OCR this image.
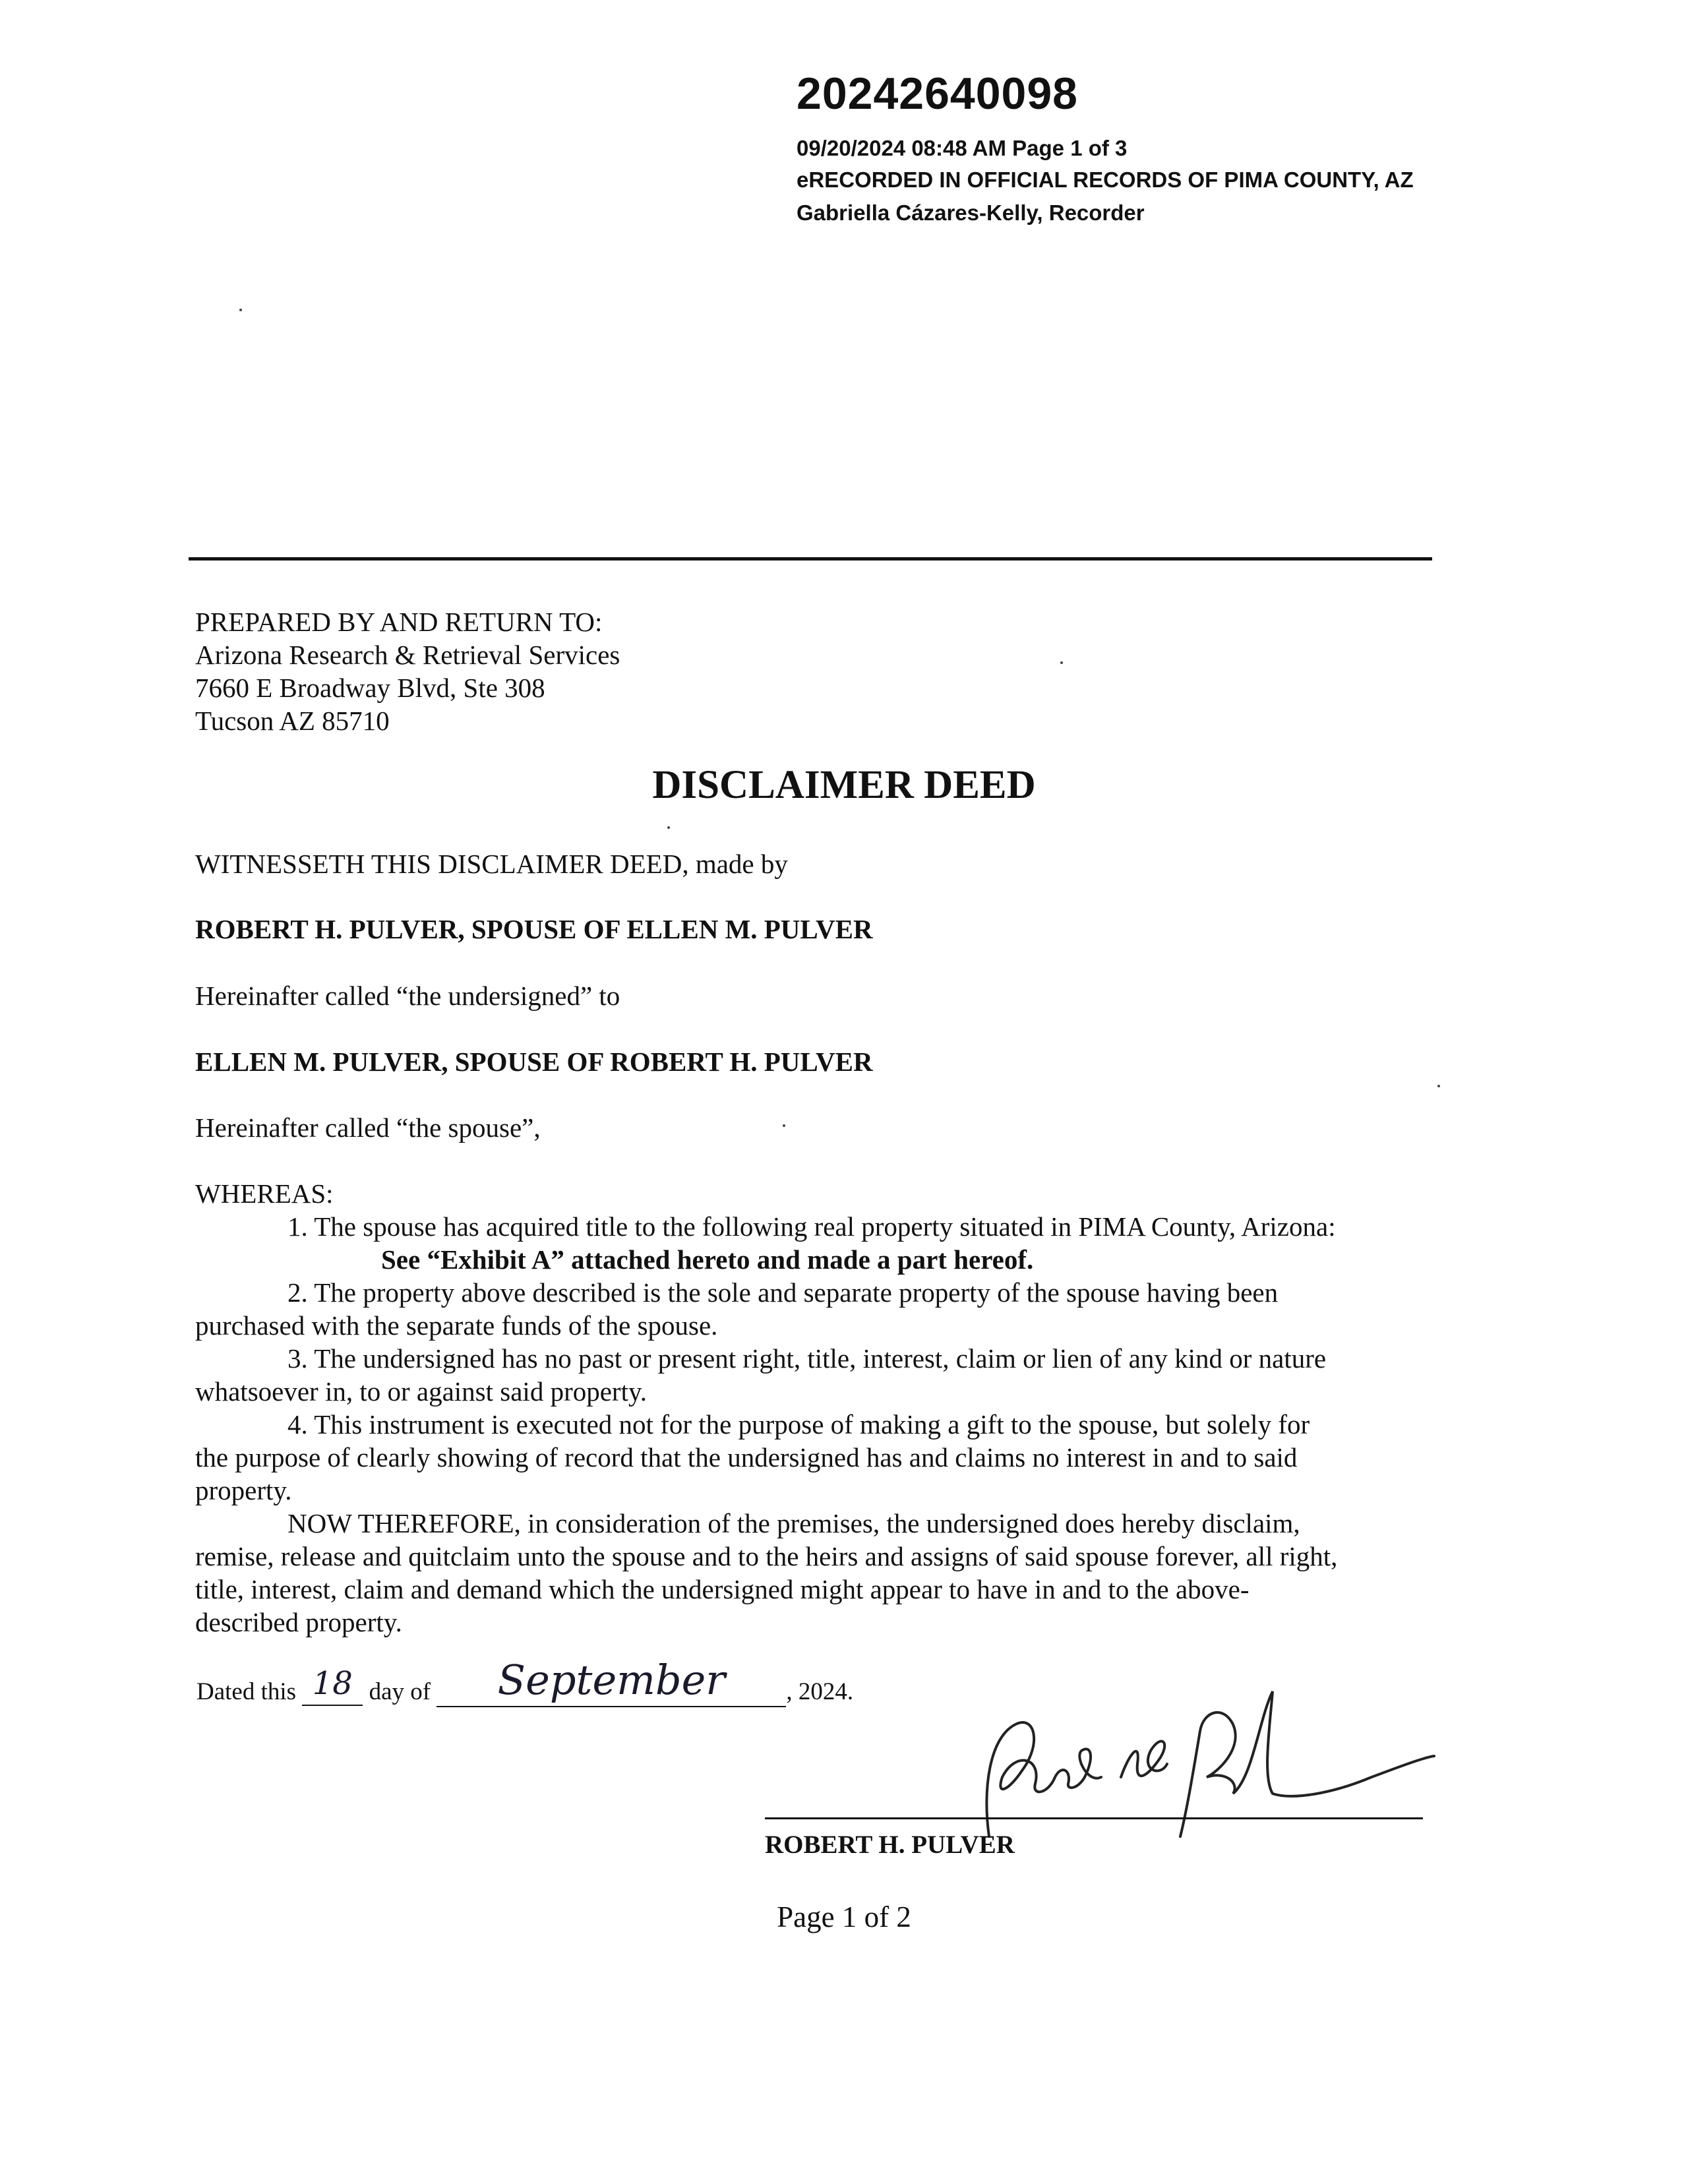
20242640098
09/20/2024 08:48 AM Page 1 of 3
eRECORDED IN OFFICIAL RECORDS OF PIMA COUNTY, AZ
Gabriella Cázares-Kelly, Recorder
PREPARED BY AND RETURN TO:
Arizona Research & Retrieval Services
7660 E Broadway Blvd, Ste 308
Tucson AZ 85710
DISCLAIMER DEED
WITNESSETH THIS DISCLAIMER DEED, made by
ROBERT H. PULVER, SPOUSE OF ELLEN M. PULVER
Hereinafter called “the undersigned” to
ELLEN M. PULVER, SPOUSE OF ROBERT H. PULVER
Hereinafter called “the spouse”,
WHEREAS:
1. The spouse has acquired title to the following real property situated in PIMA County, Arizona:
See “Exhibit A” attached hereto and made a part hereof.
2. The property above described is the sole and separate property of the spouse having been
purchased with the separate funds of the spouse.
3. The undersigned has no past or present right, title, interest, claim or lien of any kind or nature
whatsoever in, to or against said property.
4. This instrument is executed not for the purpose of making a gift to the spouse, but solely for
the purpose of clearly showing of record that the undersigned has and claims no interest in and to said
property.
NOW THEREFORE, in consideration of the premises, the undersigned does hereby disclaim,
remise, release and quitclaim unto the spouse and to the heirs and assigns of said spouse forever, all right,
title, interest, claim and demand which the undersigned might appear to have in and to the above-
described property.
Dated this 18 day of September , 2024.
ROBERT H. PULVER
Page 1 of 2
